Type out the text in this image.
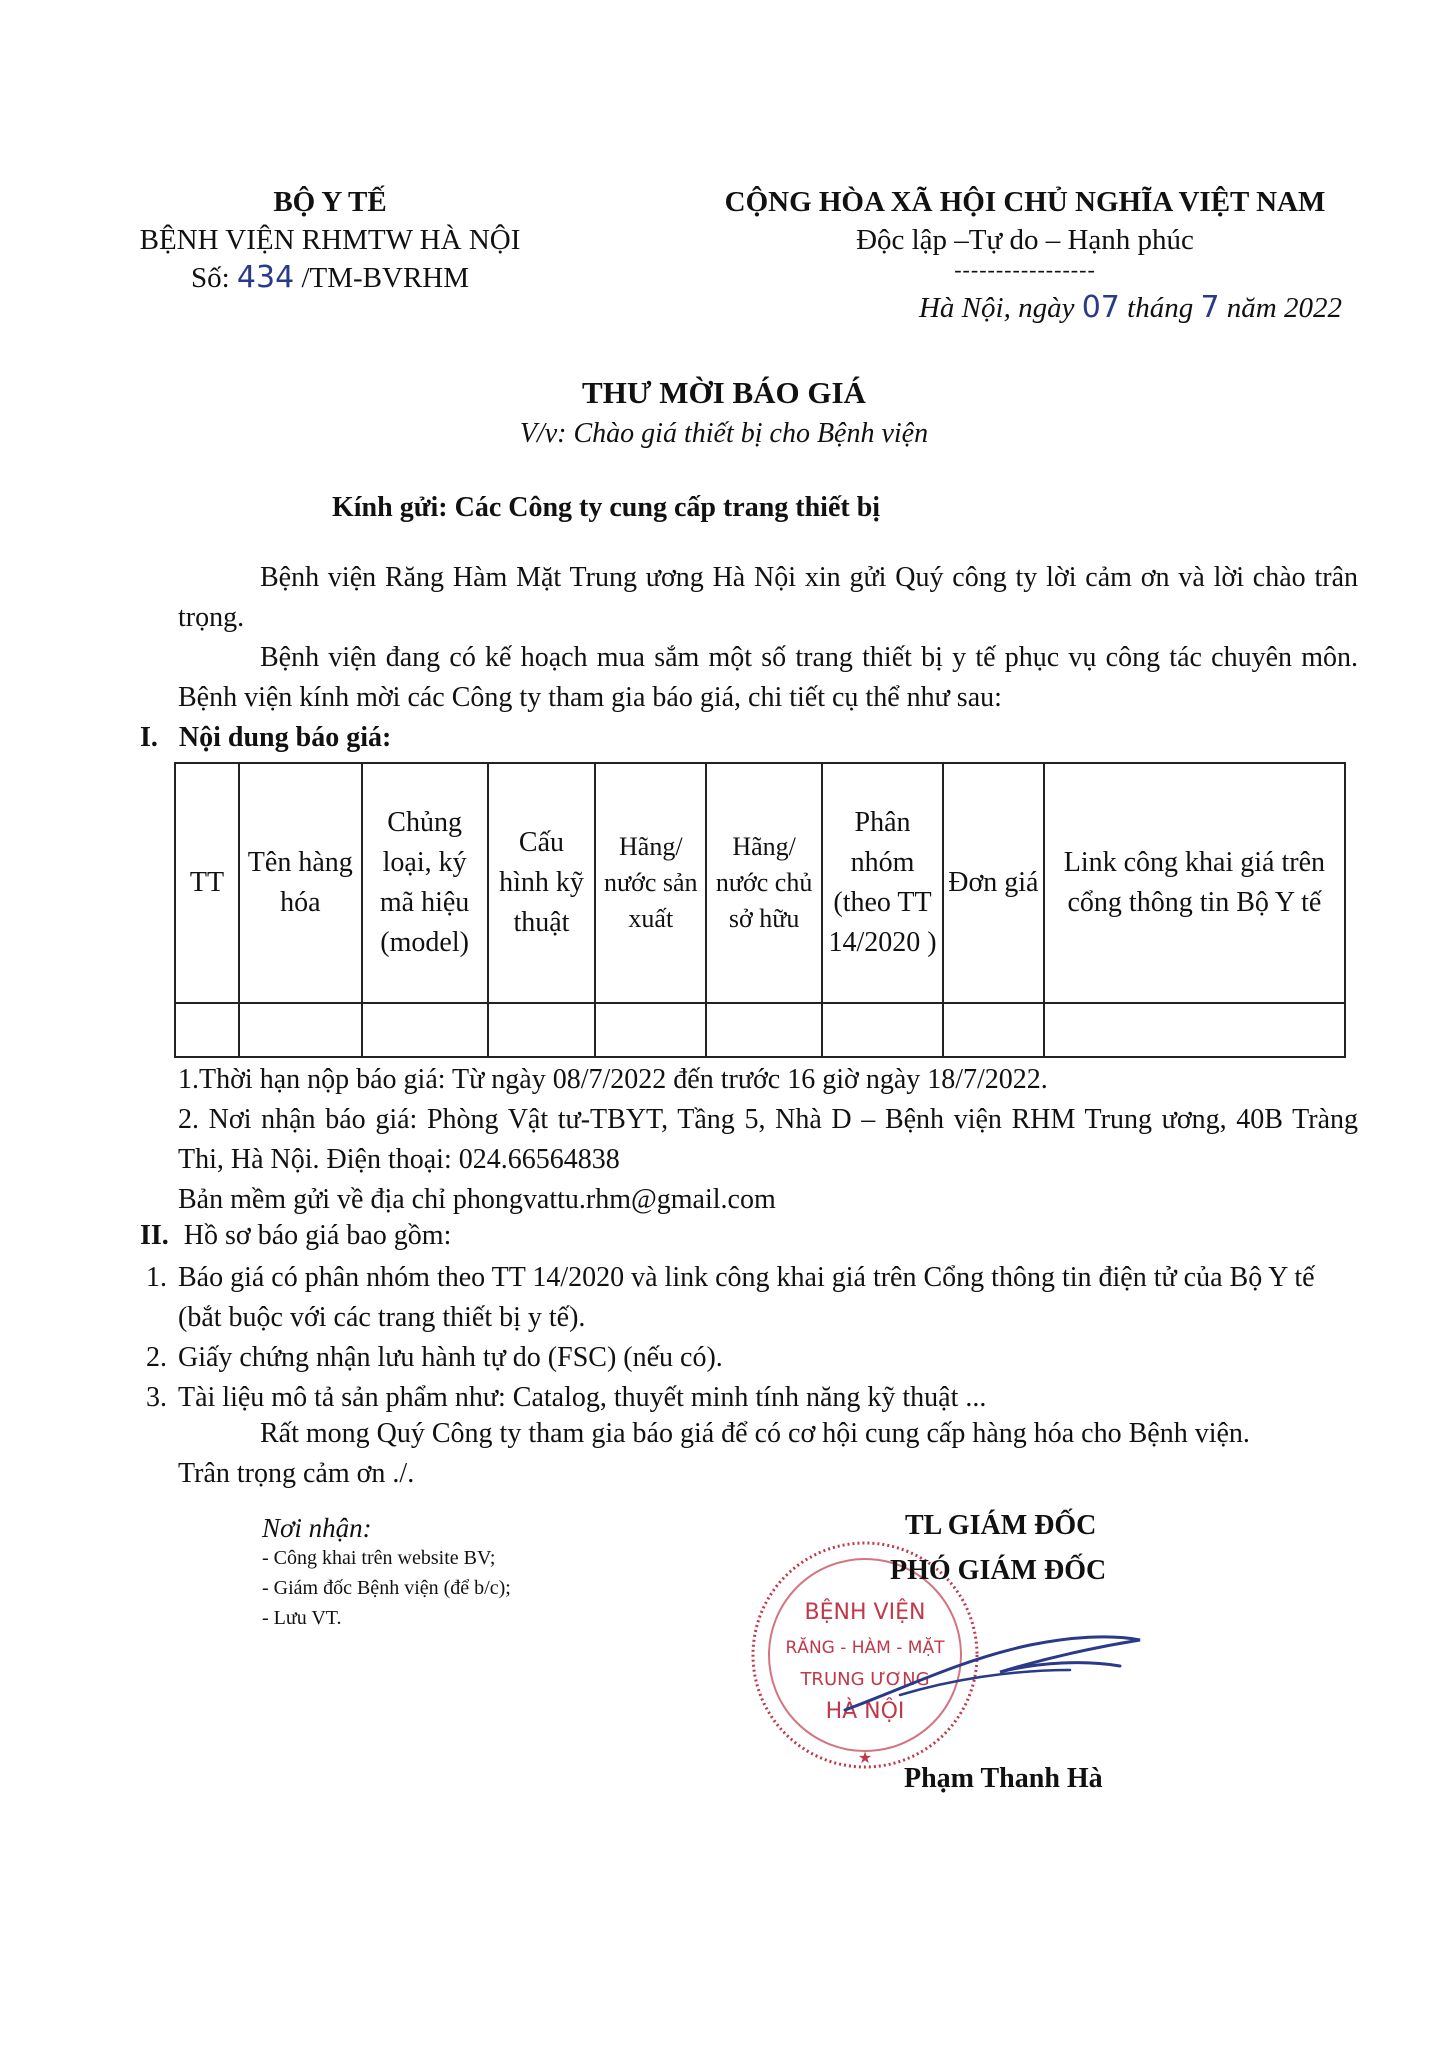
BỘ Y TẾ
BỆNH VIỆN RHMTW HÀ NỘI
Số: 434 /TM-BVRHM
CỘNG HÒA XÃ HỘI CHỦ NGHĨA VIỆT NAM
Độc lập –Tự do – Hạnh phúc
-----------------
Hà Nội, ngày 07 tháng 7 năm 2022
THƯ MỜI BÁO GIÁ
V/v: Chào giá thiết bị cho Bệnh viện
Kính gửi: Các Công ty cung cấp trang thiết bị
Bệnh viện Răng Hàm Mặt Trung ương Hà Nội xin gửi Quý công ty lời cảm ơn và lời chào trân trọng.
Bệnh viện đang có kế hoạch mua sắm một số trang thiết bị y tế phục vụ công tác chuyên môn. Bệnh viện kính mời các Công ty tham gia báo giá, chi tiết cụ thể như sau:
I. Nội dung báo giá:
TT	Tên hàng hóa	Chủng loại, ký mã hiệu (model)	Cấu hình kỹ thuật	Hãng/ nước sản xuất	Hãng/ nước chủ sở hữu	Phân nhóm (theo TT 14/2020 )	Đơn giá	Link công khai giá trên cổng thông tin Bộ Y tế

1.Thời hạn nộp báo giá: Từ ngày 08/7/2022 đến trước 16 giờ ngày 18/7/2022.
2. Nơi nhận báo giá: Phòng Vật tư-TBYT, Tầng 5, Nhà D – Bệnh viện RHM Trung ương, 40B Tràng Thi, Hà Nội. Điện thoại: 024.66564838
Bản mềm gửi về địa chỉ phongvattu.rhm@gmail.com
II. Hồ sơ báo giá bao gồm:
1. Báo giá có phân nhóm theo TT 14/2020 và link công khai giá trên Cổng thông tin điện tử của Bộ Y tế (bắt buộc với các trang thiết bị y tế).
2. Giấy chứng nhận lưu hành tự do (FSC) (nếu có).
3. Tài liệu mô tả sản phẩm như: Catalog, thuyết minh tính năng kỹ thuật ...
Rất mong Quý Công ty tham gia báo giá để có cơ hội cung cấp hàng hóa cho Bệnh viện.
Trân trọng cảm ơn ./.
Nơi nhận:
- Công khai trên website BV;
- Giám đốc Bệnh viện (để b/c);
- Lưu VT.	BỆNH VIỆN
RĂNG - HÀM - MẶT
TRUNG ƯƠNG
HÀ NỘI
★
TL GIÁM ĐỐC
PHÓ GIÁM ĐỐC
Phạm Thanh Hà
